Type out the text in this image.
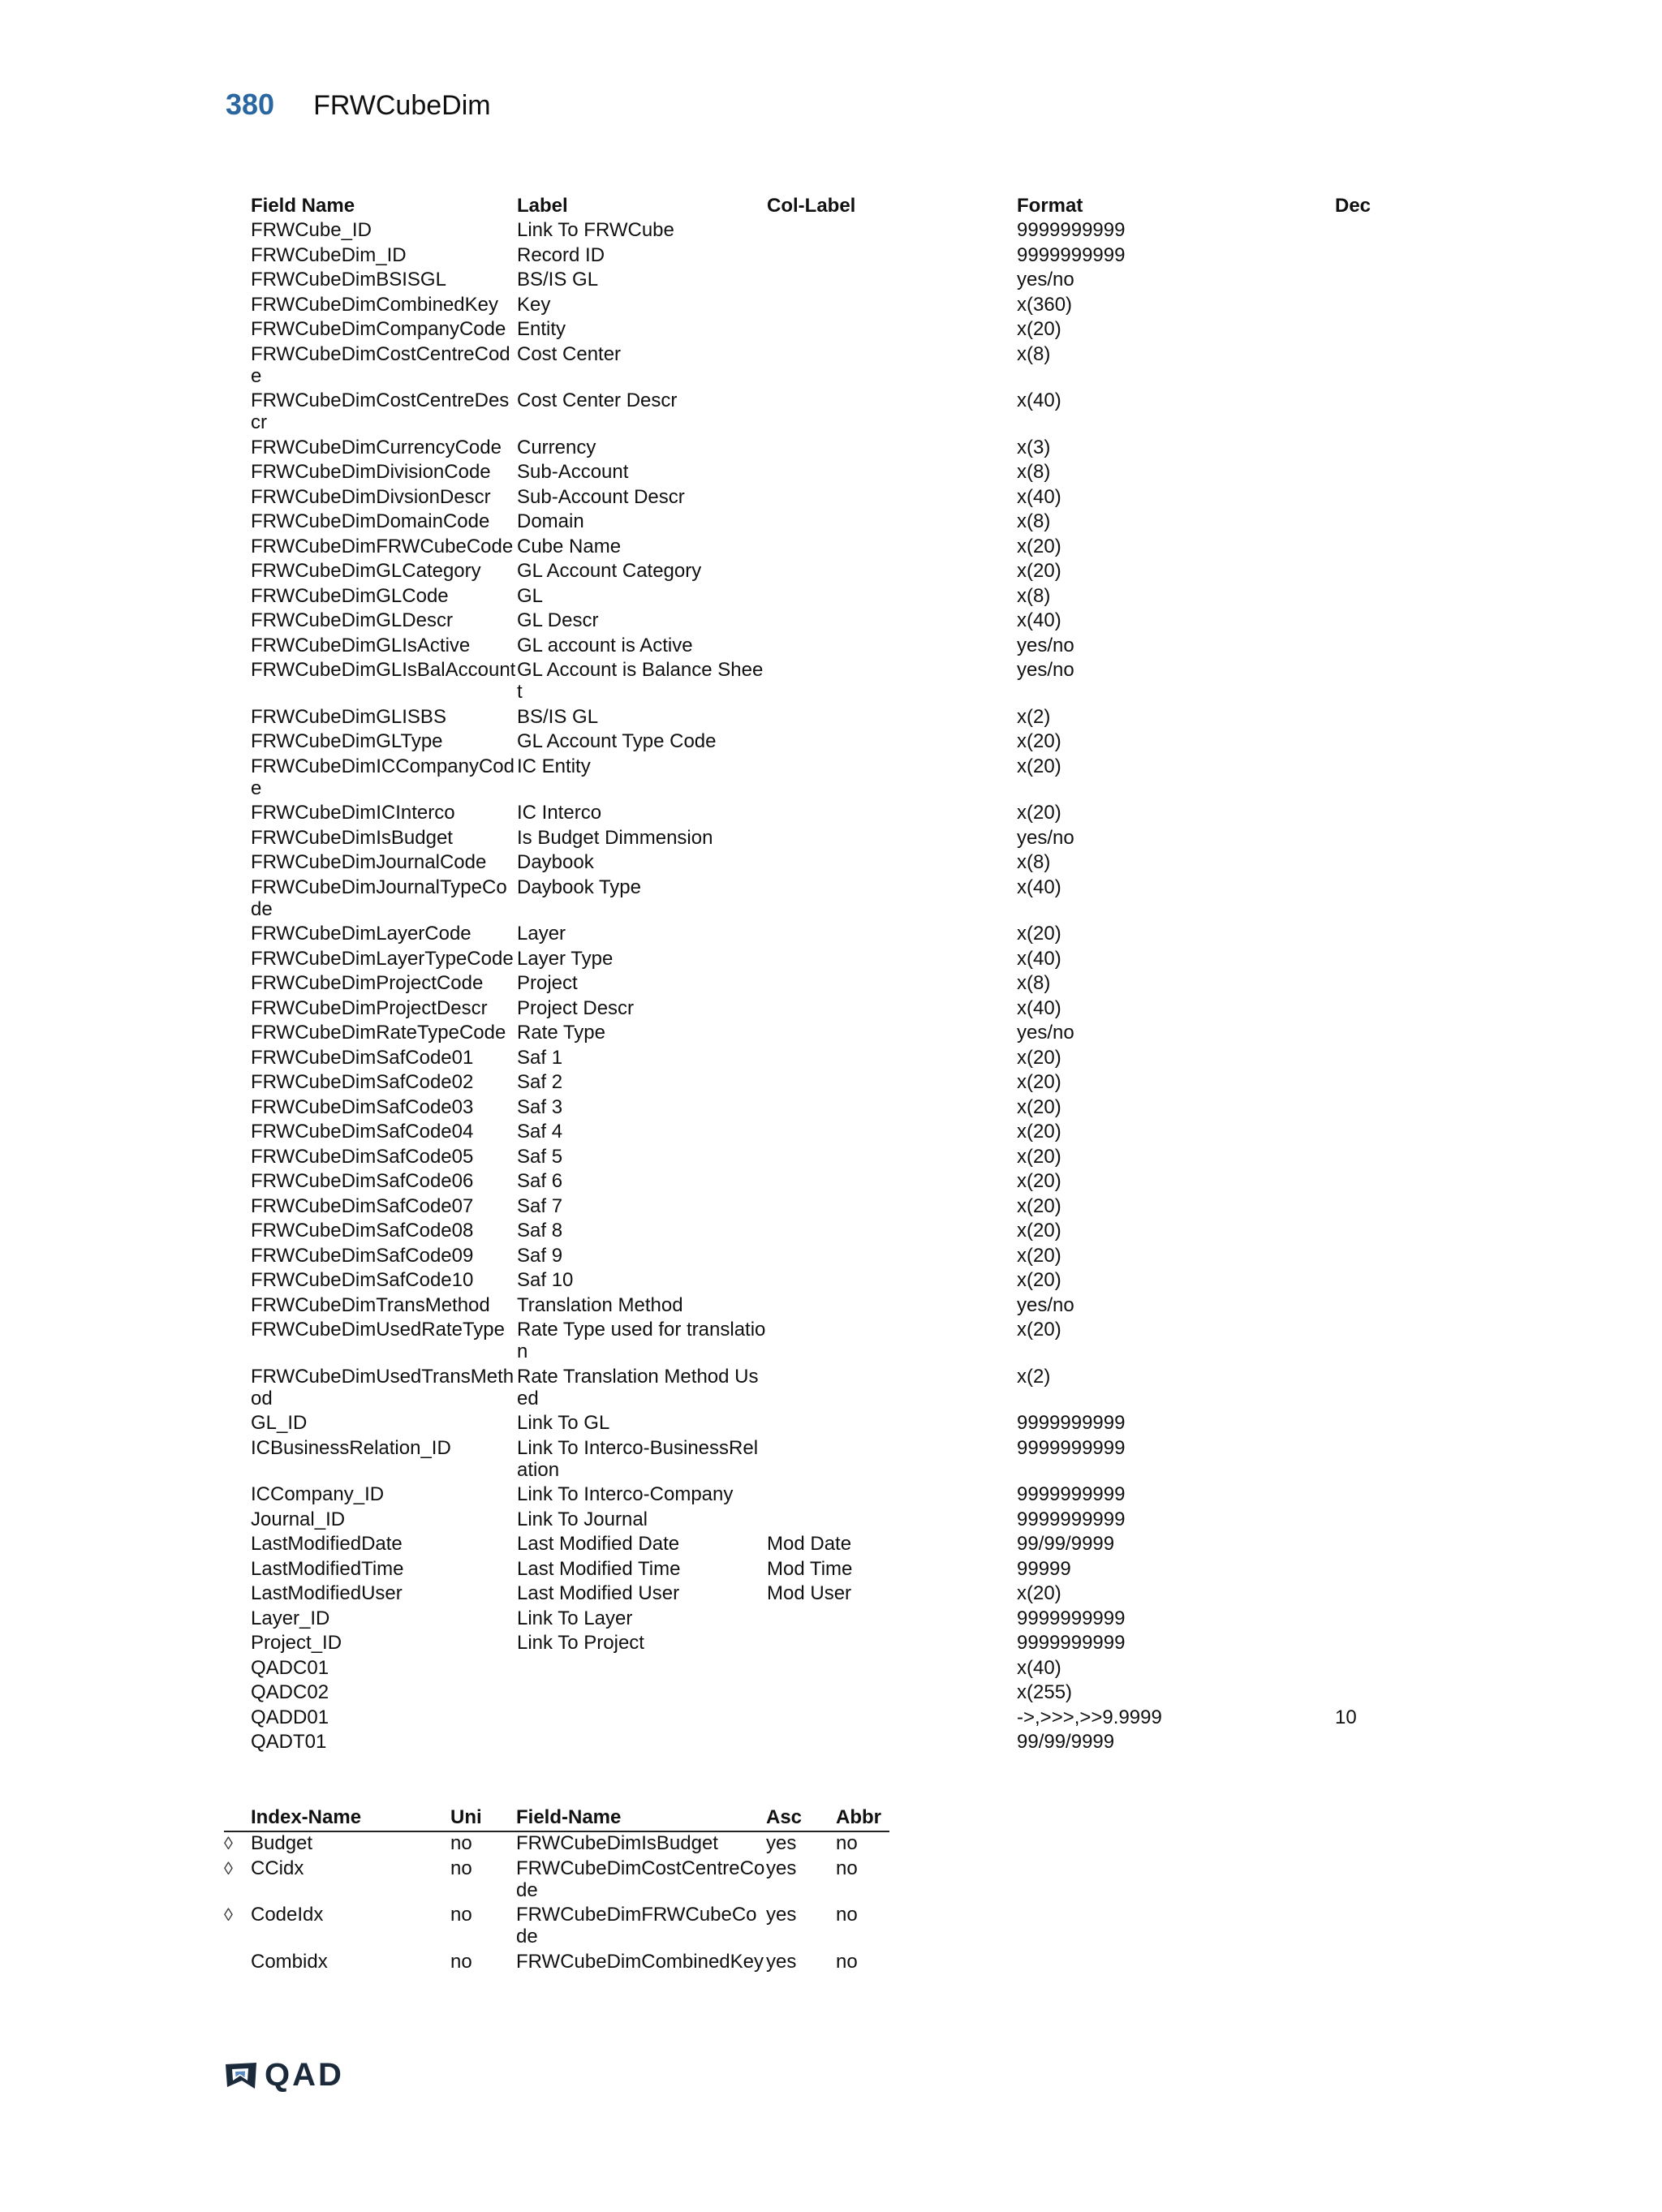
380 FRWCubeDim
Field Name	Label	Col-Label	Format	Dec
FRWCube_ID	Link To FRWCube		9999999999	
FRWCubeDim_ID	Record ID		9999999999	
FRWCubeDimBSISGL	BS/IS GL		yes/no	
FRWCubeDimCombinedKey	Key		x(360)	
FRWCubeDimCompanyCode	Entity		x(20)	
FRWCubeDimCostCentreCode	Cost Center		x(8)	
FRWCubeDimCostCentreDescr	Cost Center Descr		x(40)	
FRWCubeDimCurrencyCode	Currency		x(3)	
FRWCubeDimDivisionCode	Sub-Account		x(8)	
FRWCubeDimDivsionDescr	Sub-Account Descr		x(40)	
FRWCubeDimDomainCode	Domain		x(8)	
FRWCubeDimFRWCubeCode	Cube Name		x(20)	
FRWCubeDimGLCategory	GL Account Category		x(20)	
FRWCubeDimGLCode	GL		x(8)	
FRWCubeDimGLDescr	GL Descr		x(40)	
FRWCubeDimGLIsActive	GL account is Active		yes/no	
FRWCubeDimGLIsBalAccount	GL Account is Balance Sheet		yes/no	
FRWCubeDimGLISBS	BS/IS GL		x(2)	
FRWCubeDimGLType	GL Account Type Code		x(20)	
FRWCubeDimICCompanyCode	IC Entity		x(20)	
FRWCubeDimICInterco	IC Interco		x(20)	
FRWCubeDimIsBudget	Is Budget Dimmension		yes/no	
FRWCubeDimJournalCode	Daybook		x(8)	
FRWCubeDimJournalTypeCode	Daybook Type		x(40)	
FRWCubeDimLayerCode	Layer		x(20)	
FRWCubeDimLayerTypeCode	Layer Type		x(40)	
FRWCubeDimProjectCode	Project		x(8)	
FRWCubeDimProjectDescr	Project Descr		x(40)	
FRWCubeDimRateTypeCode	Rate Type		yes/no	
FRWCubeDimSafCode01	Saf 1		x(20)	
FRWCubeDimSafCode02	Saf 2		x(20)	
FRWCubeDimSafCode03	Saf 3		x(20)	
FRWCubeDimSafCode04	Saf 4		x(20)	
FRWCubeDimSafCode05	Saf 5		x(20)	
FRWCubeDimSafCode06	Saf 6		x(20)	
FRWCubeDimSafCode07	Saf 7		x(20)	
FRWCubeDimSafCode08	Saf 8		x(20)	
FRWCubeDimSafCode09	Saf 9		x(20)	
FRWCubeDimSafCode10	Saf 10		x(20)	
FRWCubeDimTransMethod	Translation Method		yes/no	
FRWCubeDimUsedRateType	Rate Type used for translation		x(20)	
FRWCubeDimUsedTransMethod	Rate Translation Method Used		x(2)	
GL_ID	Link To GL		9999999999	
ICBusinessRelation_ID	Link To Interco-BusinessRelation		9999999999	
ICCompany_ID	Link To Interco-Company		9999999999	
Journal_ID	Link To Journal		9999999999	
LastModifiedDate	Last Modified Date	Mod Date	99/99/9999	
LastModifiedTime	Last Modified Time	Mod Time	99999	
LastModifiedUser	Last Modified User	Mod User	x(20)	
Layer_ID	Link To Layer		9999999999	
Project_ID	Link To Project		9999999999	
QADC01			x(40)	
QADC02			x(255)	
QADD01			->,>>>,>>9.9999	10
QADT01			99/99/9999	
	Index-Name	Uni	Field-Name	Asc	Abbr
◊	Budget	no	FRWCubeDimIsBudget	yes	no
◊	CCidx	no	FRWCubeDimCostCentreCode	yes	no
◊	CodeIdx	no	FRWCubeDimFRWCubeCode	yes	no
	Combidx	no	FRWCubeDimCombinedKey	yes	no
QAD
